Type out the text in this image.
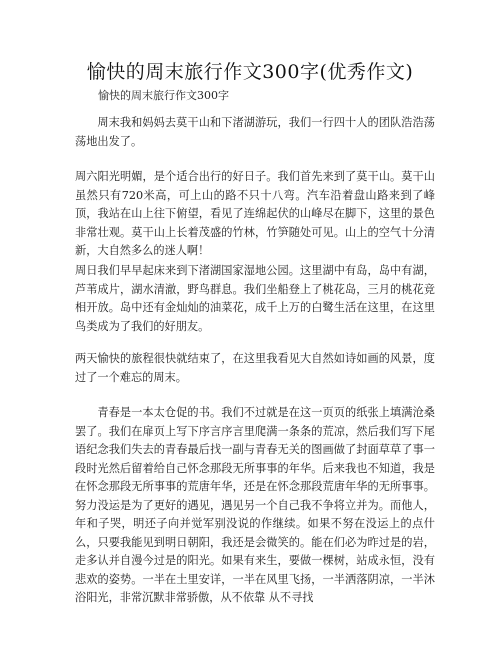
愉快的周末旅行作文300字(优秀作文)
愉快的周末旅行作文300字

周末我和妈妈去莫干山和下渚湖游玩，我们一行四十人的团队浩浩荡荡地出发了。

周六阳光明媚，是个适合出行的好日子。我们首先来到了莫干山。莫干山虽然只有720米高，可上山的路不只十八弯。汽车沿着盘山路来到了峰顶，我站在山上往下俯望，看见了连绵起伏的山峰尽在脚下，这里的景色非常壮观。莫干山上长着茂盛的竹林，竹笋随处可见。山上的空气十分清新，大自然多么的迷人啊！

周日我们早早起床来到下渚湖国家湿地公园。这里湖中有岛，岛中有湖，芦苇成片，湖水清澈，野鸟群息。我们坐船登上了桃花岛，三月的桃花竞相开放。岛中还有金灿灿的油菜花，成千上万的白鹭生活在这里，在这里鸟类成为了我们的好朋友。

两天愉快的旅程很快就结束了，在这里我看见大自然如诗如画的风景，度过了一个难忘的周末。

青春是一本太仓促的书。我们不过就是在这一页页的纸张上填满沧桑罢了。我们在扉页上写下序言序言里爬满一条条的荒凉，然后我们写下尾语纪念我们失去的青春最后找一副与青春无关的图画做了封面草草了事一段时光然后留着给自己怀念那段无所事事的年华。后来我也不知道，我是在怀念那段无所事事的荒唐年华，还是在怀念那段荒唐年华的无所事事。努力没运是为了更好的遇见，遇见另一个自己我不争将立并为。而他人，年和子哭，明还子向并觉军别没说的作继续。如果不努在没运上的点什么，只要我能见到明日朝阳，我还是会微笑的。能在们必为昨过是的岩，走多认并自漫今过是的阳光。如果有来生，要做一棵树，站成永恒，没有悲欢的姿势。一半在土里安详，一半在风里飞扬，一半洒落阴凉，一半沐浴阳光，非常沉默非常骄傲，从不依靠 从不寻找
